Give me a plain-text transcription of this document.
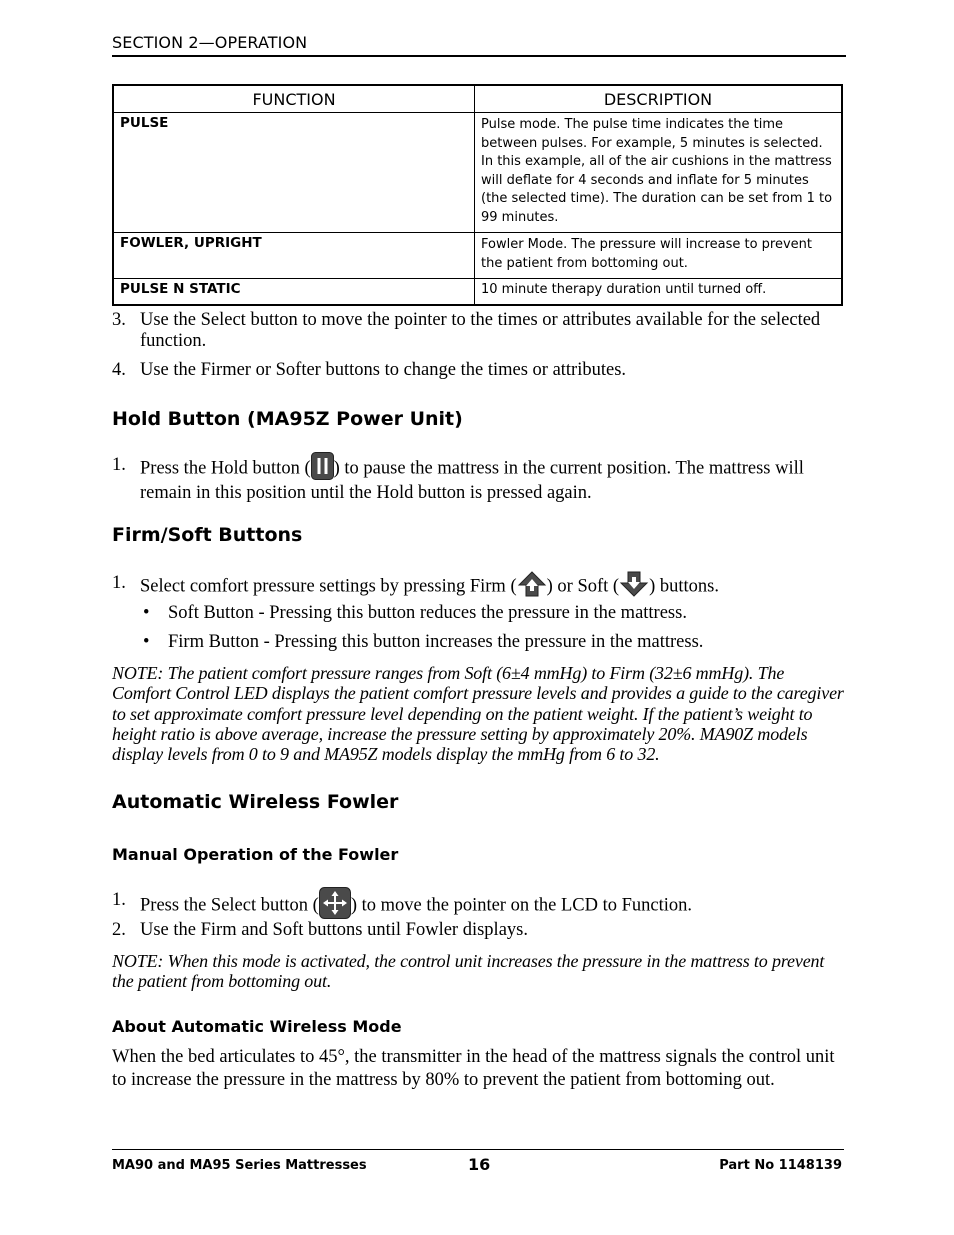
SECTION 2—OPERATION
FUNCTION	DESCRIPTION
PULSE	Pulse mode. The pulse time indicates the time between pulses. For example, 5 minutes is selected. In this example, all of the air cushions in the mattress will deflate for 4 seconds and inflate for 5 minutes (the selected time). The duration can be set from 1 to 99 minutes.
FOWLER, UPRIGHT	Fowler Mode. The pressure will increase to prevent the patient from bottoming out.
PULSE N STATIC	10 minute therapy duration until turned off.
3. Use the Select button to move the pointer to the times or attributes available for the selected function.
4. Use the Firmer or Softer buttons to change the times or attributes.
Hold Button (MA95Z Power Unit)
1. Press the Hold button ( ) to pause the mattress in the current position. The mattress will remain in this position until the Hold button is pressed again.
Firm/Soft Buttons
1. Select comfort pressure settings by pressing Firm ( ) or Soft ( ) buttons.
• Soft Button - Pressing this button reduces the pressure in the mattress.
• Firm Button - Pressing this button increases the pressure in the mattress.
NOTE: The patient comfort pressure ranges from Soft (6±4 mmHg) to Firm (32±6 mmHg). The Comfort Control LED displays the patient comfort pressure levels and provides a guide to the caregiver to set approximate comfort pressure level depending on the patient weight. If the patient’s weight to height ratio is above average, increase the pressure setting by approximately 20%. MA90Z models display levels from 0 to 9 and MA95Z models display the mmHg from 6 to 32.
Automatic Wireless Fowler
Manual Operation of the Fowler
1. Press the Select button ( ) to move the pointer on the LCD to Function.
2. Use the Firm and Soft buttons until Fowler displays.
NOTE: When this mode is activated, the control unit increases the pressure in the mattress to prevent the patient from bottoming out.
About Automatic Wireless Mode
When the bed articulates to 45°, the transmitter in the head of the mattress signals the control unit to increase the pressure in the mattress by 80% to prevent the patient from bottoming out.
MA90 and MA95 Series Mattresses	16	Part No 1148139
